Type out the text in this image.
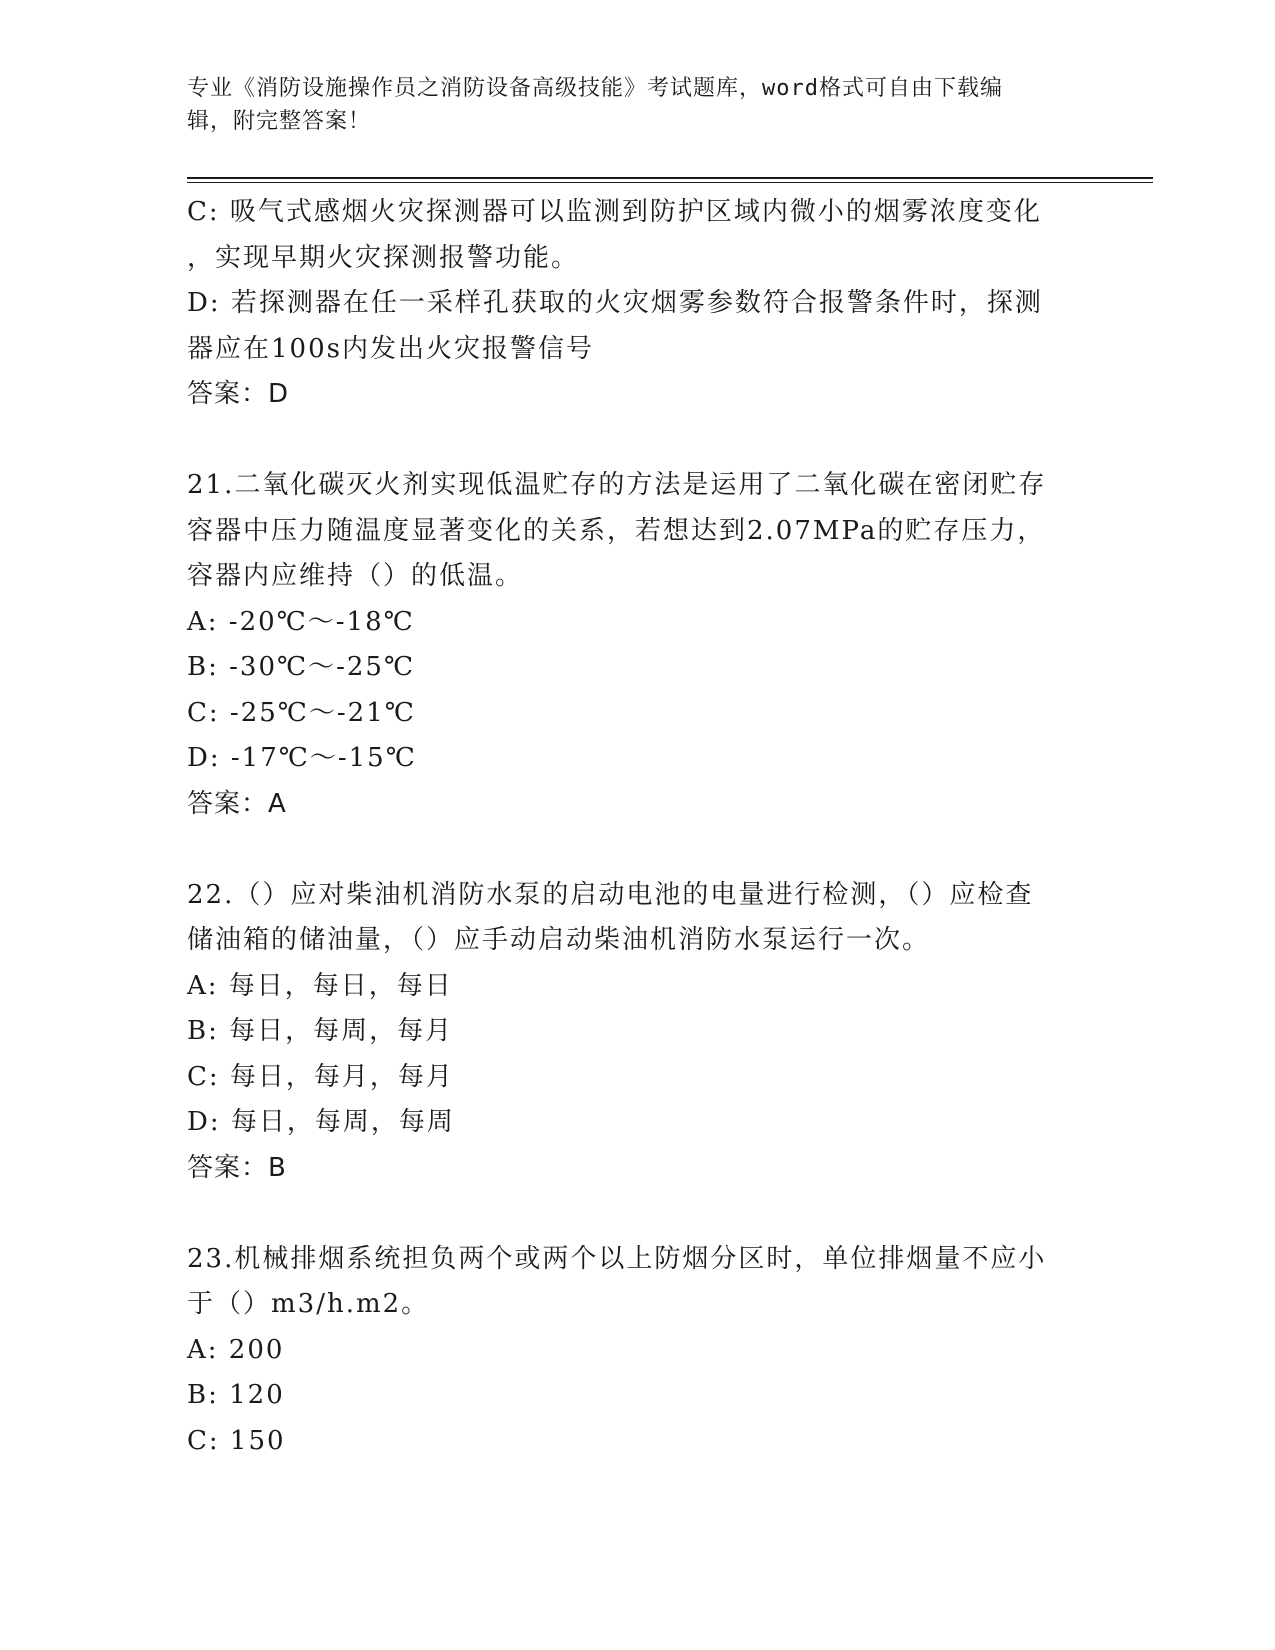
专业《消防设施操作员之消防设备高级技能》考试题库，word格式可自由下载编
辑，附完整答案！
C: 吸气式感烟火灾探测器可以监测到防护区域内微小的烟雾浓度变化
，实现早期火灾探测报警功能。
D: 若探测器在任一采样孔获取的火灾烟雾参数符合报警条件时，探测
器应在100s内发出火灾报警信号
答案：D
21.二氧化碳灭火剂实现低温贮存的方法是运用了二氧化碳在密闭贮存
容器中压力随温度显著变化的关系，若想达到2.07MPa的贮存压力，
容器内应维持（）的低温。
A: -20℃～-18℃
B: -30℃～-25℃
C: -25℃～-21℃
D: -17℃～-15℃
答案：A
22.（）应对柴油机消防水泵的启动电池的电量进行检测，（）应检查
储油箱的储油量，（）应手动启动柴油机消防水泵运行一次。
A: 每日，每日，每日
B: 每日，每周，每月
C: 每日，每月，每月
D: 每日，每周，每周
答案：B
23.机械排烟系统担负两个或两个以上防烟分区时，单位排烟量不应小
于（）m3/h.m2。
A: 200
B: 120
C: 150
